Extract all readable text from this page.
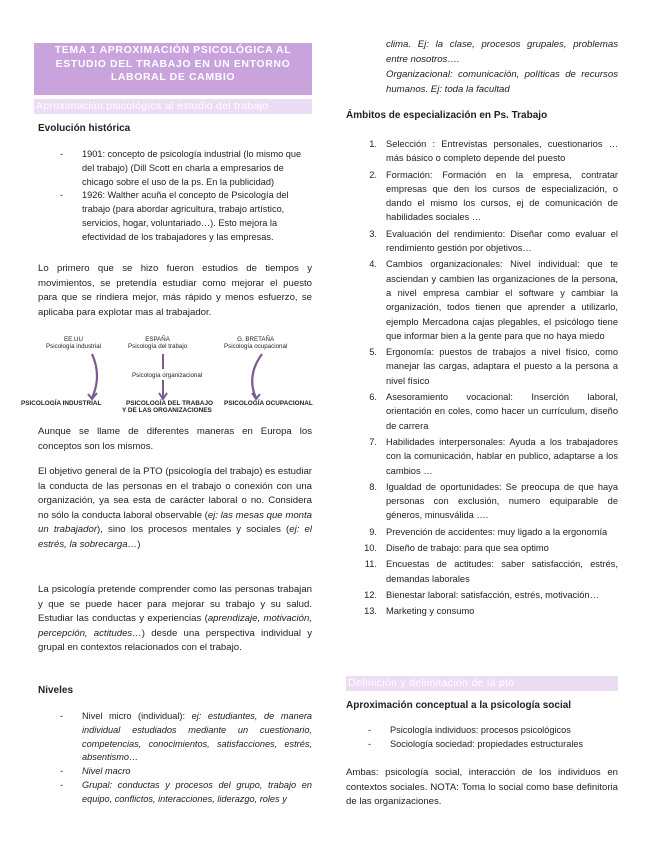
TEMA 1 APROXIMACIÓN PSICOLÓGICA AL ESTUDIO DEL TRABAJO EN UN ENTORNO LABORAL DE CAMBIO
Aproximación psicológica al estudio del trabajo
Evolución histórica
- 1901: concepto de psicología industrial (lo mismo que del trabajo) (Dill Scott en charla a empresarios de chicago sobre el uso de la ps. En la publicidad)
- 1926: Walther acuña el concepto de Psicología del trabajo (para abordar agricultura, trabajo artístico, servicios, hogar, voluntariado…). Esto mejora la efectividad de los trabajadores y las empresas.
Lo primero que se hizo fueron estudios de tiempos y movimientos, se pretendía estudiar como mejorar el puesto para que se rindiera mejor, más rápido y menos esfuerzo, se aplicaba para explotar mas al trabajador.
EE.UU
Psicología industrial
ESPAÑA
Psicología del trabajo
G. BRETAÑA
Psicología ocupacional
Psicología organizacional
PSICOLOGÍA INDUSTRIAL	PSICOLOGÍA DEL TRABAJO
Y DE LAS ORGANIZACIONES
PSICOLOGÍA OCUPACIONAL
Aunque se llame de diferentes maneras en Europa los conceptos son los mismos.
El objetivo general de la PTO (psicología del trabajo) es estudiar la conducta de las personas en el trabajo o conexión con una organización, ya sea esta de carácter laboral o no. Considera no sólo la conducta laboral observable (ej: las mesas que monta un trabajador), sino los procesos mentales y sociales (ej: el estrés, la sobrecarga…)
La psicología pretende comprender como las personas trabajan y que se puede hacer para mejorar su trabajo y su salud. Estudiar las conductas y experiencias (aprendizaje, motivación, percepción, actitudes…) desde una perspectiva individual y grupal en contextos relacionados con el trabajo.
Niveles
- Nivel micro (individual): ej: estudiantes, de manera individual estudiados mediante un cuestionario, competencias, conocimientos, satisfacciones, estrés, absentismo…
- Nivel macro
- Grupal: conductas y procesos del grupo, trabajo en equipo, conflictos, interacciones, liderazgo, roles y
clima. Ej: la clase, procesos grupales, problemas entre nosotros….
Organizacional: comunicación, políticas de recursos humanos. Ej: toda la facultad
Ámbitos de especialización en Ps. Trabajo
1. Selección : Entrevistas personales, cuestionarios … más básico o completo depende del puesto
2. Formación: Formación en la empresa, contratar empresas que den los cursos de especialización, o dando el mismo los cursos, ej de comunicación de habilidades sociales …
3. Evaluación del rendimiento: Diseñar como evaluar el rendimiento gestión por objetivos…
4. Cambios organizacionales: Nivel individual: que te asciendan y cambien las organizaciones de la persona, a nivel empresa cambiar el software y cambiar la organización, todos tienen que aprender a utilizarlo, ejemplo Mercadona cajas plegables, el psicólogo tiene que informar bien a la gente para que no haya miedo
5. Ergonomía: puestos de trabajos a nivel físico, como manejar las cargas, adaptara el puesto a la persona a nivel físico
6. Asesoramiento vocacional: Inserción laboral, orientación en coles, como hacer un currículum, diseño de carrera
7. Habilidades interpersonales: Ayuda a los trabajadores con la comunicación, hablar en publico, adaptarse a los cambios …
8. Igualdad de oportunidades: Se preocupa de que haya personas con exclusión, numero equiparable de géneros, minusválida ….
9. Prevención de accidentes: muy ligado a la ergonomía
10. Diseño de trabajo: para que sea optimo
11. Encuestas de actitudes: saber satisfacción, estrés, demandas laborales
12. Bienestar laboral: satisfacción, estrés, motivación…
13. Marketing y consumo
Definición y delimitación de la pto
Aproximación conceptual a la psicología social
- Psicología individuos: procesos psicológicos
- Sociología sociedad: propiedades estructurales
Ambas: psicología social, interacción de los individuos en contextos sociales. NOTA: Toma lo social como base definitoria de las organizaciones.
